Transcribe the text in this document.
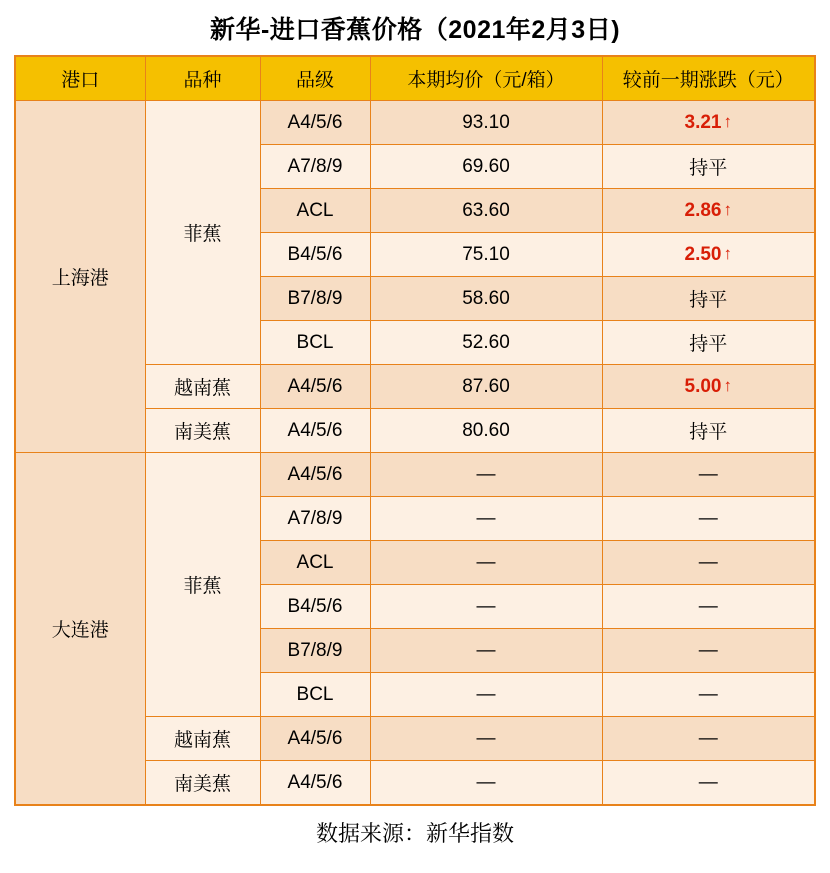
新华-进口香蕉价格（2021年2月3日)
港口	品种	品级	本期均价（元/箱）	较前一期涨跌（元）
上海港	菲蕉	A4/5/6	93.10	3.21 ↑
		A7/8/9	69.60	持平
		ACL	63.60	2.86 ↑
		B4/5/6	75.10	2.50 ↑
		B7/8/9	58.60	持平
		BCL	52.60	持平
	越南蕉	A4/5/6	87.60	5.00 ↑
	南美蕉	A4/5/6	80.60	持平
大连港	菲蕉	A4/5/6	—	—
		A7/8/9	—	—
		ACL	—	—
		B4/5/6	—	—
		B7/8/9	—	—
		BCL	—	—
	越南蕉	A4/5/6	—	—
	南美蕉	A4/5/6	—	—
数据来源：新华指数
